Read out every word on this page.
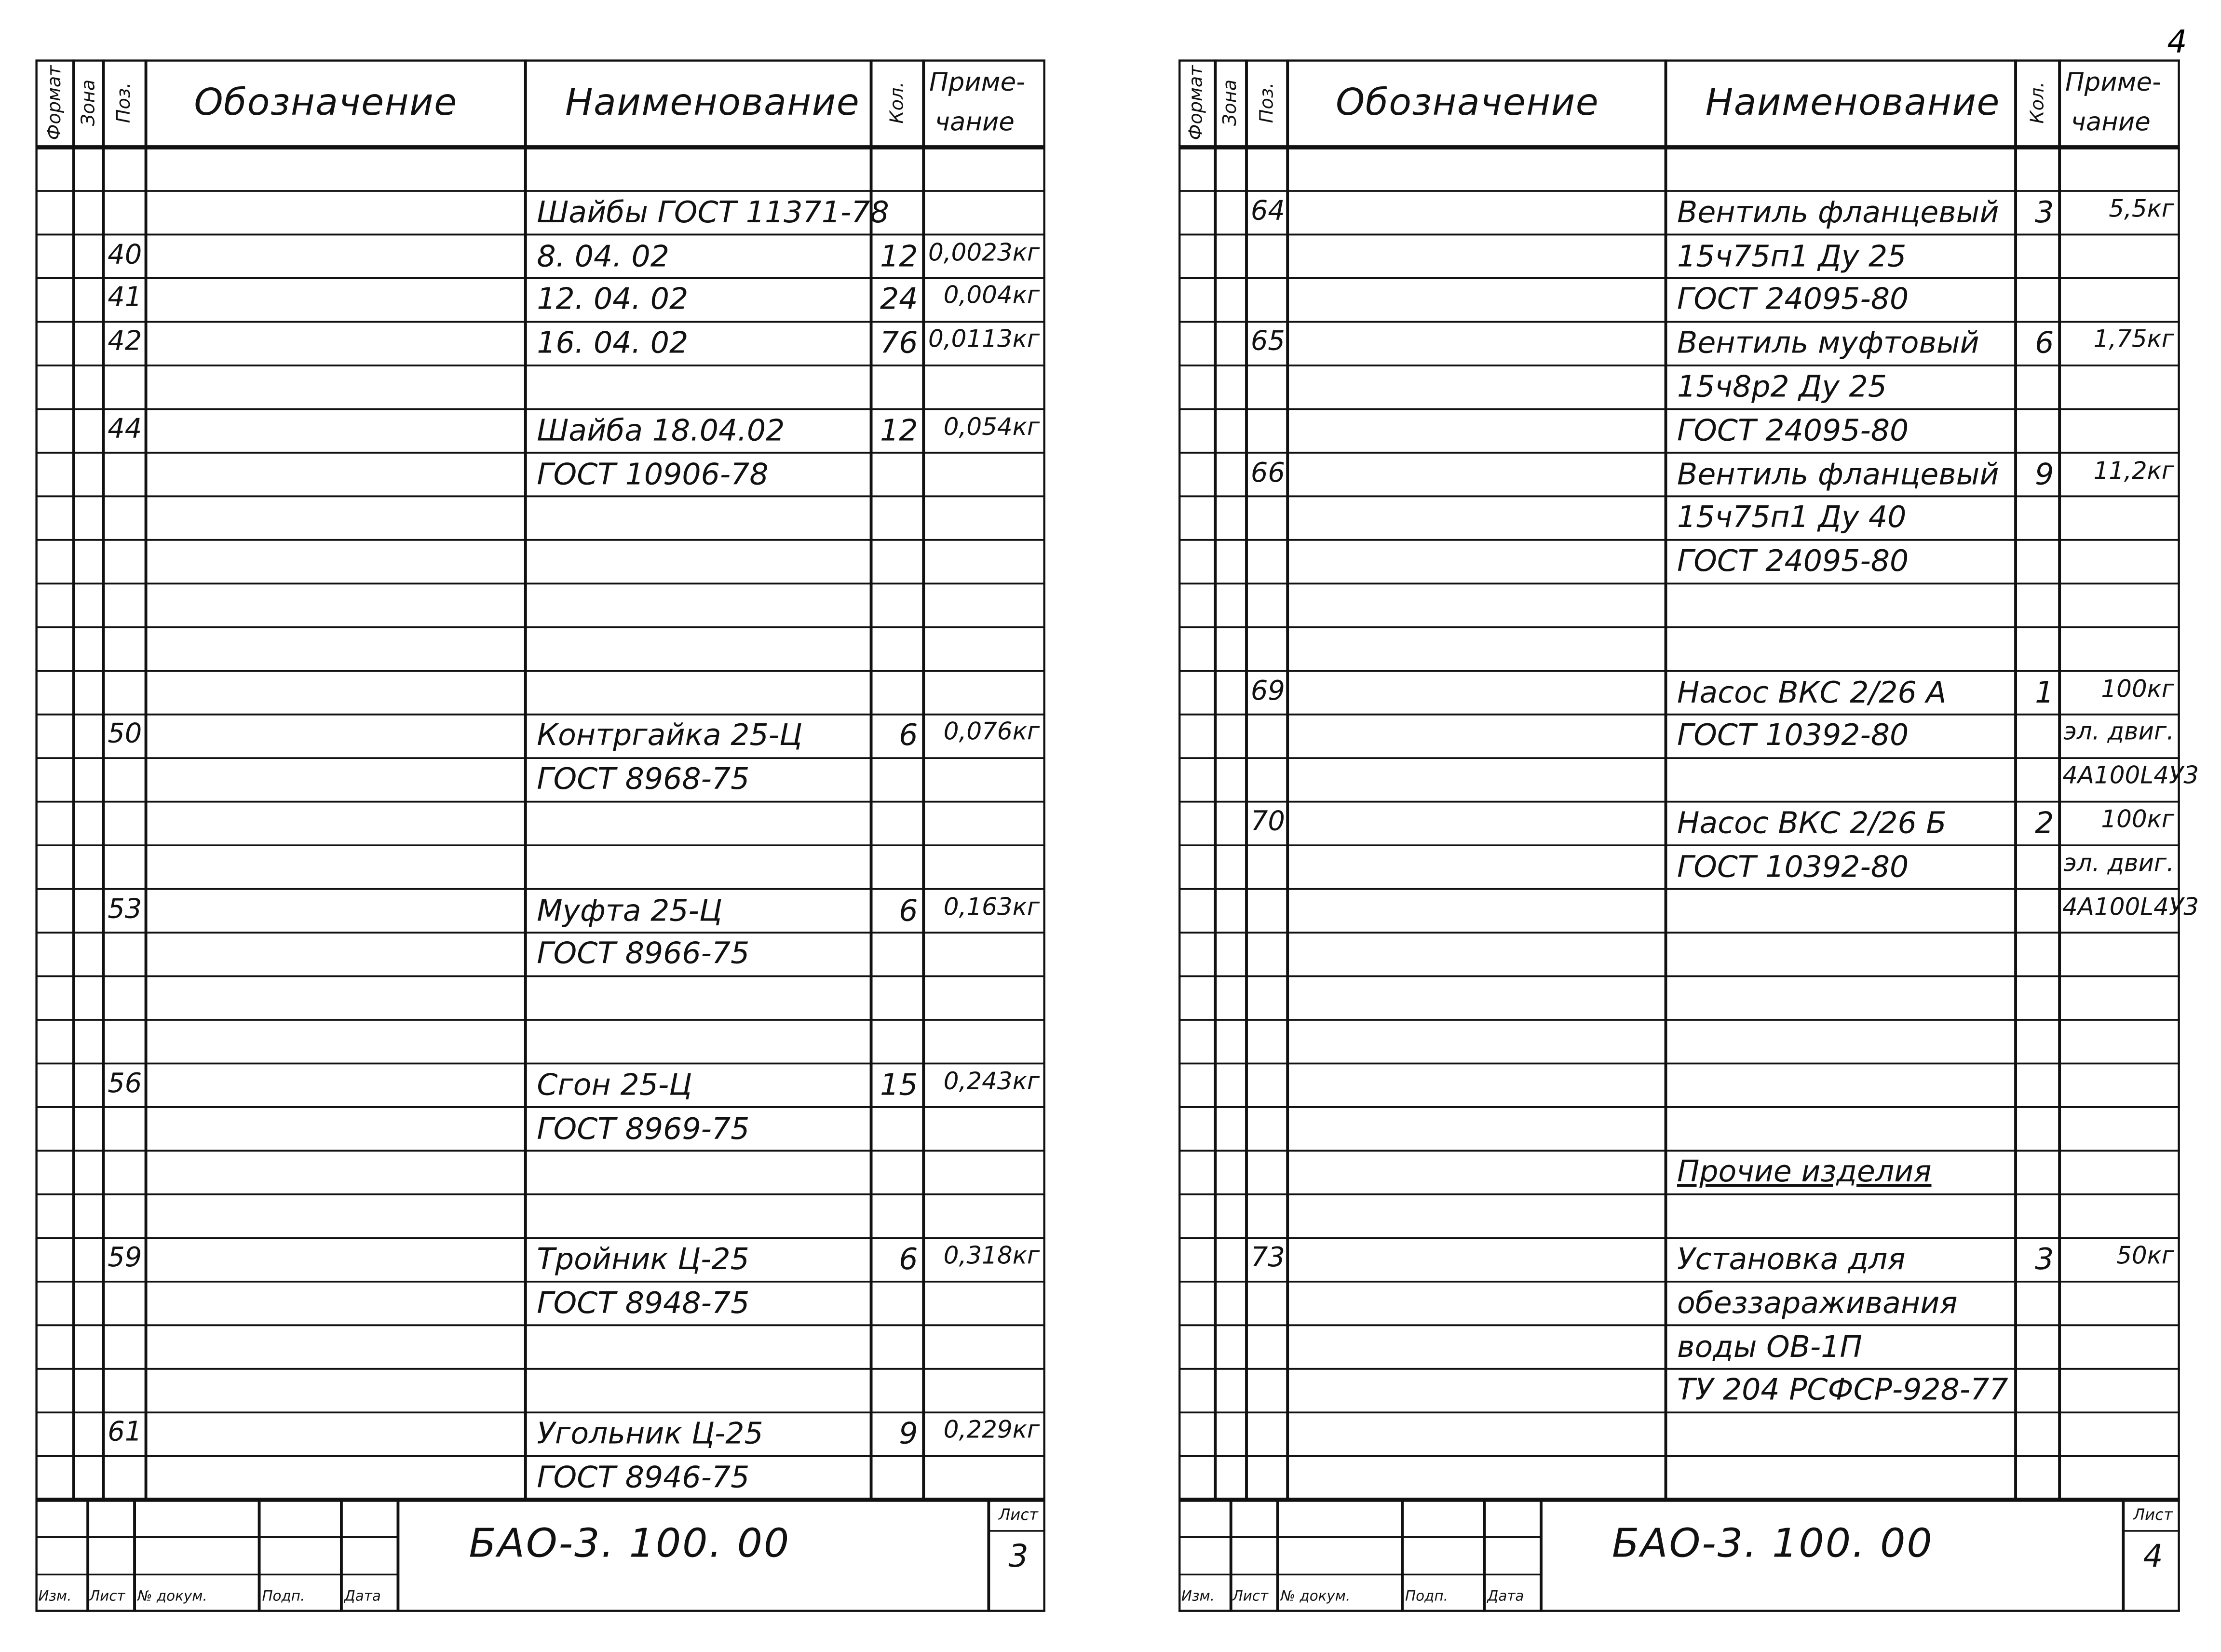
4
Формат Зона Поз.	Обозначение	Наименование	Кол. Приме-
чание
Шайбы ГОСТ 11371-78
40	8. 04. 02	12 0,0023кг
41	12. 04. 02	24	0,004кг
42	16. 04. 02	76 0,0113кг
44	Шайба 18.04.02	12	0,054кг
ГОСТ 10906-78
50	Контргайка 25-Ц	6	0,076кг
ГОСТ 8968-75
53	Муфта 25-Ц	6	0,163кг
ГОСТ 8966-75
56	Сгон 25-Ц	15	0,243кг
ГОСТ 8969-75
59	Тройник Ц-25	6	0,318кг
ГОСТ 8948-75
61	Угольник Ц-25	9	0,229кг
ГОСТ 8946-75
БАО-3. 100. 00
Изм.	Лист	№ докум.	Подп.	Дата
Лист
3
Формат Зона Поз.	Обозначение	Наименование	Кол. Приме-
чание
64	Вентиль фланцевый	3	5,5кг
15ч75п1 Ду 25
ГОСТ 24095-80
65	Вентиль муфтовый	6	1,75кг
15ч8р2 Ду 25
ГОСТ 24095-80
66	Вентиль фланцевый	9	11,2кг
15ч75п1 Ду 40
ГОСТ 24095-80
69	Насос ВКС 2/26 А	1	100кг
ГОСТ 10392-80	эл. двиг.
4А100L4У3
70	Насос ВКС 2/26 Б	2	100кг
ГОСТ 10392-80	эл. двиг.
4А100L4У3
Прочие изделия
73	Установка для	3	50кг
обеззараживания
воды ОВ-1П
ТУ 204 РСФСР-928-77
БАО-3. 100. 00
Изм.	Лист	№ докум.	Подп.	Дата
Лист
4
